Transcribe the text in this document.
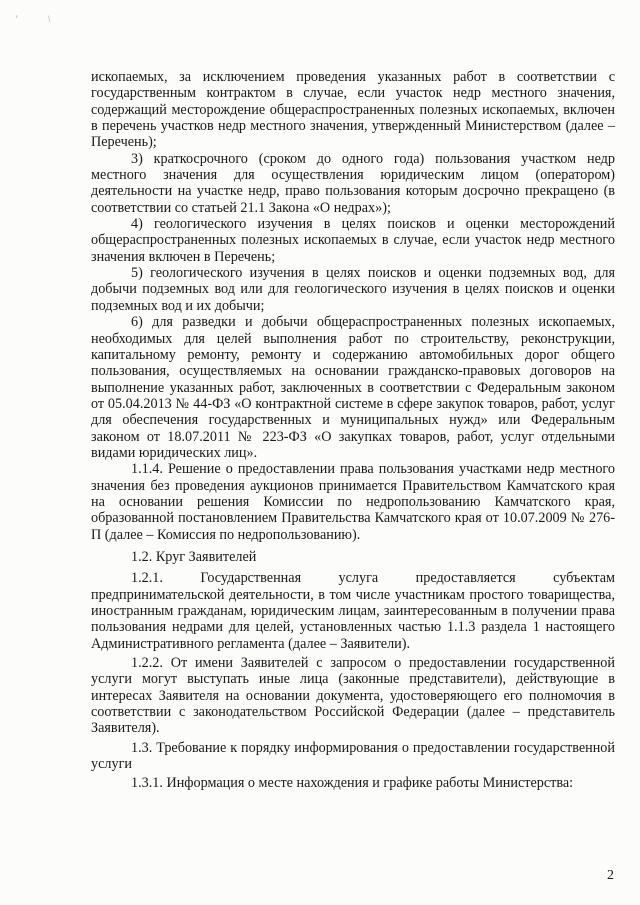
' \

ископаемых, за исключением проведения указанных работ в соответствии с государственным контрактом в случае, если участок недр местного значения, содержащий месторождение общераспространенных полезных ископаемых, включен в перечень участков недр местного значения, утвержденный Министерством (далее – Перечень);

3) краткосрочного (сроком до одного года) пользования участком недр местного значения для осуществления юридическим лицом (оператором) деятельности на участке недр, право пользования которым досрочно прекращено (в соответствии со статьей 21.1 Закона «О недрах»);

4) геологического изучения в целях поисков и оценки месторождений общераспространенных полезных ископаемых в случае, если участок недр местного значения включен в Перечень;

5) геологического изучения в целях поисков и оценки подземных вод, для добычи подземных вод или для геологического изучения в целях поисков и оценки подземных вод и их добычи;

6) для разведки и добычи общераспространенных полезных ископаемых, необходимых для целей выполнения работ по строительству, реконструкции, капитальному ремонту, ремонту и содержанию автомобильных дорог общего пользования, осуществляемых на основании гражданско-правовых договоров на выполнение указанных работ, заключенных в соответствии с Федеральным законом от 05.04.2013 № 44-ФЗ «О контрактной системе в сфере закупок товаров, работ, услуг для обеспечения государственных и муниципальных нужд» или Федеральным законом от 18.07.2011 № 223-ФЗ «О закупках товаров, работ, услуг отдельными видами юридических лиц».

1.1.4. Решение о предоставлении права пользования участками недр местного значения без проведения аукционов принимается Правительством Камчатского края на основании решения Комиссии по недропользованию Камчатского края, образованной постановлением Правительства Камчатского края от 10.07.2009 № 276-П (далее – Комиссия по недропользованию).

1.2. Круг Заявителей

1.2.1. Государственная услуга предоставляется субъектам предпринимательской деятельности, в том числе участникам простого товарищества, иностранным гражданам, юридическим лицам, заинтересованным в получении права пользования недрами для целей, установленных частью 1.1.3 раздела 1 настоящего Административного регламента (далее – Заявители).

1.2.2. От имени Заявителей с запросом о предоставлении государственной услуги могут выступать иные лица (законные представители), действующие в интересах Заявителя на основании документа, удостоверяющего его полномочия в соответствии с законодательством Российской Федерации (далее – представитель Заявителя).

1.3. Требование к порядку информирования о предоставлении государственной услуги

1.3.1. Информация о месте нахождения и графике работы Министерства:

2
